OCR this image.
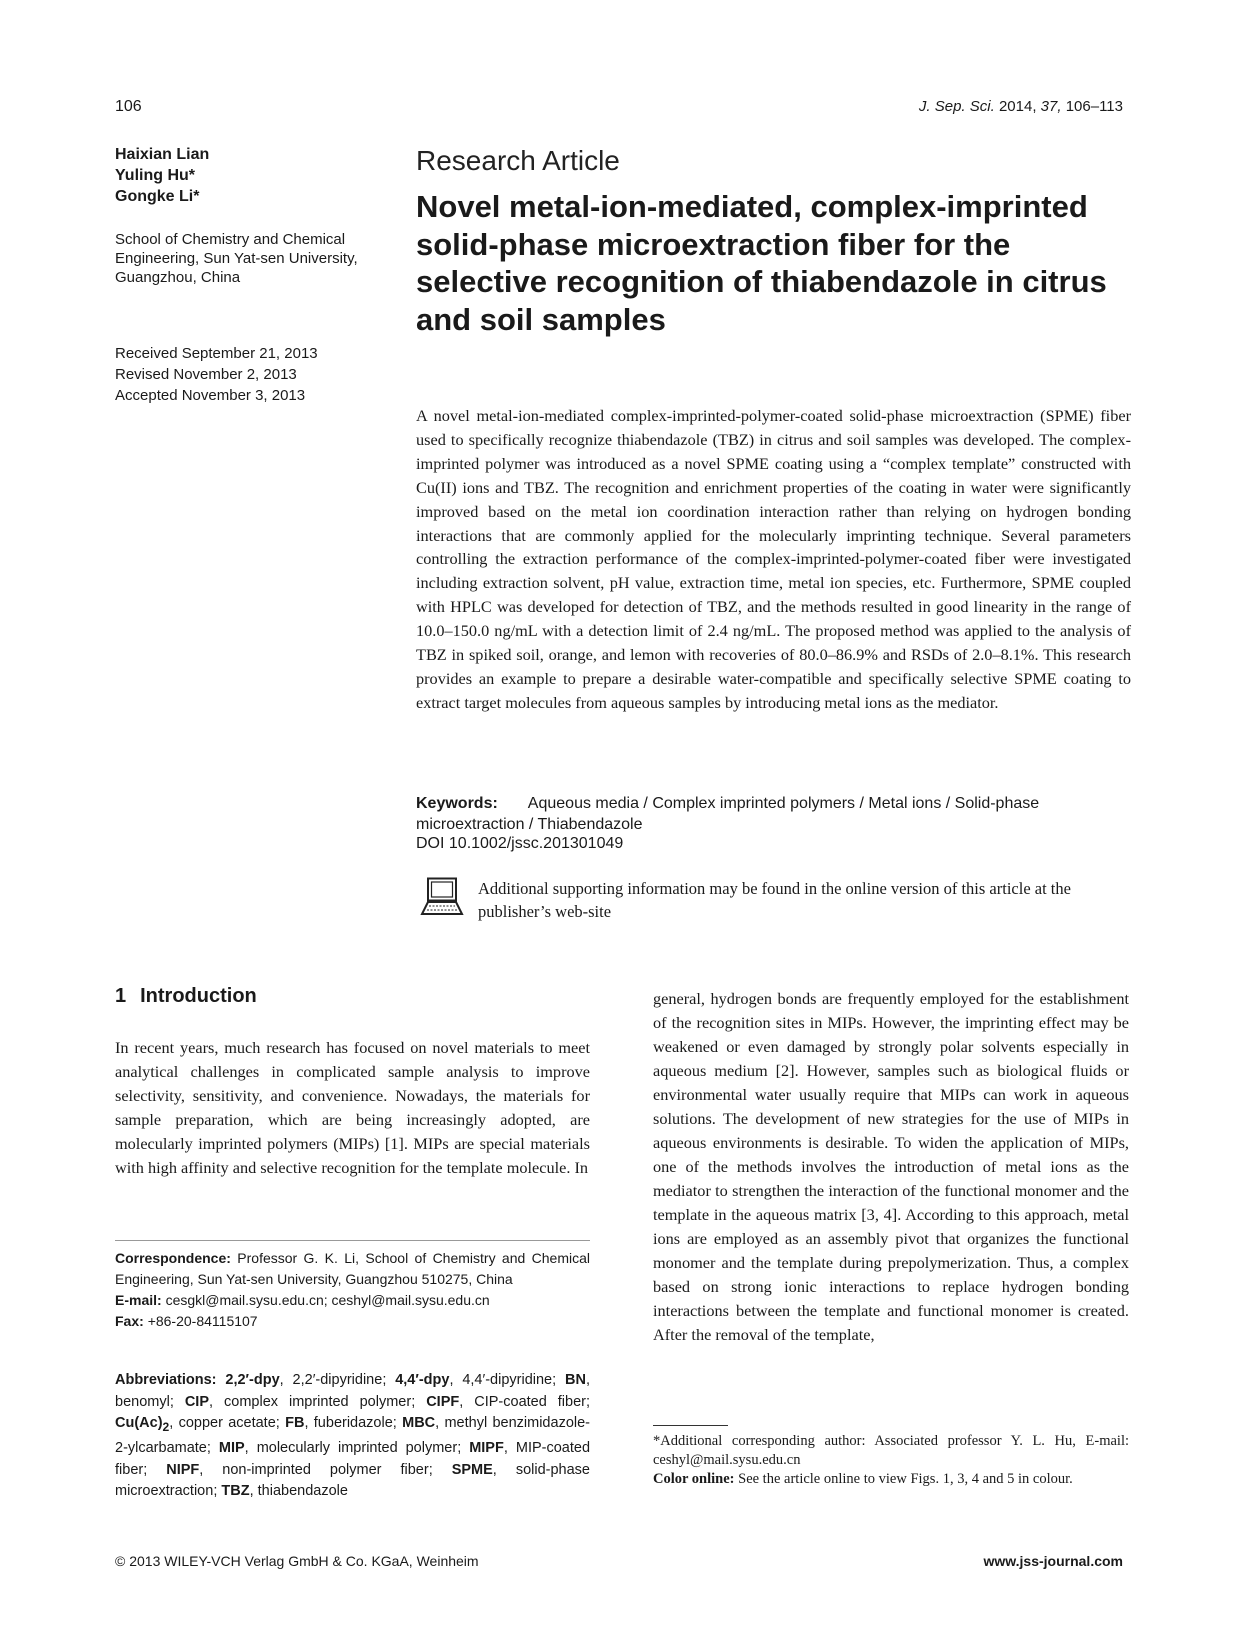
106	J. Sep. Sci. 2014, 37, 106–113
Haixian Lian
Yuling Hu*
Gongke Li*
School of Chemistry and Chemical Engineering, Sun Yat-sen University, Guangzhou, China
Received September 21, 2013
Revised November 2, 2013
Accepted November 3, 2013
Research Article
Novel metal-ion-mediated, complex-imprinted solid-phase microextraction fiber for the selective recognition of thiabendazole in citrus and soil samples

A novel metal-ion-mediated complex-imprinted-polymer-coated solid-phase microextraction (SPME) fiber used to specifically recognize thiabendazole (TBZ) in citrus and soil samples was developed. The complex-imprinted polymer was introduced as a novel SPME coating using a “complex template” constructed with Cu(II) ions and TBZ. The recognition and enrichment properties of the coating in water were significantly improved based on the metal ion coordination interaction rather than relying on hydrogen bonding interactions that are commonly applied for the molecularly imprinting technique. Several parameters controlling the extraction performance of the complex-imprinted-polymer-coated fiber were investigated including extraction solvent, pH value, extraction time, metal ion species, etc. Furthermore, SPME coupled with HPLC was developed for detection of TBZ, and the methods resulted in good linearity in the range of 10.0–150.0 ng/mL with a detection limit of 2.4 ng/mL. The proposed method was applied to the analysis of TBZ in spiked soil, orange, and lemon with recoveries of 80.0–86.9% and RSDs of 2.0–8.1%. This research provides an example to prepare a desirable water-compatible and specifically selective SPME coating to extract target molecules from aqueous samples by introducing metal ions as the mediator.

Keywords: Aqueous media / Complex imprinted polymers / Metal ions / Solid-phase microextraction / Thiabendazole
DOI 10.1002/jssc.201301049
Additional supporting information may be found in the online version of this article at the publisher’s web-site
1 Introduction

In recent years, much research has focused on novel materials to meet analytical challenges in complicated sample analysis to improve selectivity, sensitivity, and convenience. Nowadays, the materials for sample preparation, which are being increasingly adopted, are molecularly imprinted polymers (MIPs) [1]. MIPs are special materials with high affinity and selective recognition for the template molecule. In

general, hydrogen bonds are frequently employed for the establishment of the recognition sites in MIPs. However, the imprinting effect may be weakened or even damaged by strongly polar solvents especially in aqueous medium [2]. However, samples such as biological fluids or environmental water usually require that MIPs can work in aqueous solutions. The development of new strategies for the use of MIPs in aqueous environments is desirable. To widen the application of MIPs, one of the methods involves the introduction of metal ions as the mediator to strengthen the interaction of the functional monomer and the template in the aqueous matrix [3, 4]. According to this approach, metal ions are employed as an assembly pivot that organizes the functional monomer and the template during prepolymerization. Thus, a complex based on strong ionic interactions to replace hydrogen bonding interactions between the template and functional monomer is created. After the removal of the template,

Correspondence: Professor G. K. Li, School of Chemistry and Chemical Engineering, Sun Yat-sen University, Guangzhou 510275, China
E-mail: cesgkl@mail.sysu.edu.cn; ceshyl@mail.sysu.edu.cn
Fax: +86-20-84115107
Abbreviations: 2,2′-dpy, 2,2′-dipyridine; 4,4′-dpy, 4,4′-dipyridine; BN, benomyl; CIP, complex imprinted polymer; CIPF, CIP-coated fiber; $Cu(Ac)_2$, copper acetate; FB, fuberidazole; MBC, methyl benzimidazole-2-ylcarbamate; MIP, molecularly imprinted polymer; MIPF, MIP-coated fiber; NIPF, non-imprinted polymer fiber; SPME, solid-phase microextraction; TBZ, thiabendazole
*Additional corresponding author: Associated professor Y. L. Hu, E-mail: ceshyl@mail.sysu.edu.cn
Color online: See the article online to view Figs. 1, 3, 4 and 5 in colour.
© 2013 WILEY-VCH Verlag GmbH & Co. KGaA, Weinheim	www.jss-journal.com
